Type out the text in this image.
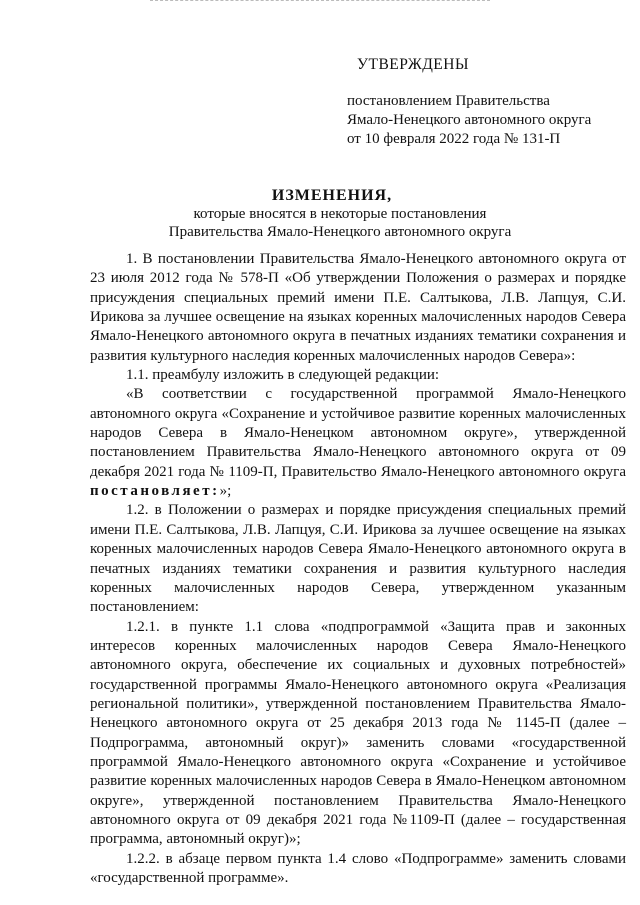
УТВЕРЖДЕНЫ
постановлением Правительства
Ямало-Ненецкого автономного округа
от 10 февраля 2022 года № 131-П
ИЗМЕНЕНИЯ,
которые вносятся в некоторые постановления
Правительства Ямало-Ненецкого автономного округа

1. В постановлении Правительства Ямало-Ненецкого автономного округа от 23 июля 2012 года № 578-П «Об утверждении Положения о размерах и порядке присуждения специальных премий имени П.Е. Салтыкова, Л.В. Лапцуя, С.И. Ирикова за лучшее освещение на языках коренных малочисленных народов Севера Ямало-Ненецкого автономного округа в печатных изданиях тематики сохранения и развития культурного наследия коренных малочисленных народов Севера»:

1.1. преамбулу изложить в следующей редакции:

«В соответствии с государственной программой Ямало-Ненецкого автономного округа «Сохранение и устойчивое развитие коренных малочисленных народов Севера в Ямало-Ненецком автономном округе», утвержденной постановлением Правительства Ямало-Ненецкого автономного округа от 09 декабря 2021 года № 1109-П, Правительство Ямало-Ненецкого автономного округа постановляет:»;

1.2. в Положении о размерах и порядке присуждения специальных премий имени П.Е. Салтыкова, Л.В. Лапцуя, С.И. Ирикова за лучшее освещение на языках коренных малочисленных народов Севера Ямало-Ненецкого автономного округа в печатных изданиях тематики сохранения и развития культурного наследия коренных малочисленных народов Севера, утвержденном указанным постановлением:

1.2.1. в пункте 1.1 слова «подпрограммой «Защита прав и законных интересов коренных малочисленных народов Севера Ямало-Ненецкого автономного округа, обеспечение их социальных и духовных потребностей» государственной программы Ямало-Ненецкого автономного округа «Реализация региональной политики», утвержденной постановлением Правительства Ямало-Ненецкого автономного округа от 25 декабря 2013 года № 1145-П (далее – Подпрограмма, автономный округ)» заменить словами «государственной программой Ямало-Ненецкого автономного округа «Сохранение и устойчивое развитие коренных малочисленных народов Севера в Ямало-Ненецком автономном округе», утвержденной постановлением Правительства Ямало-Ненецкого автономного округа от 09 декабря 2021 года №1109-П (далее – государственная программа, автономный округ)»;

1.2.2. в абзаце первом пункта 1.4 слово «Подпрограмме» заменить словами «государственной программе».
